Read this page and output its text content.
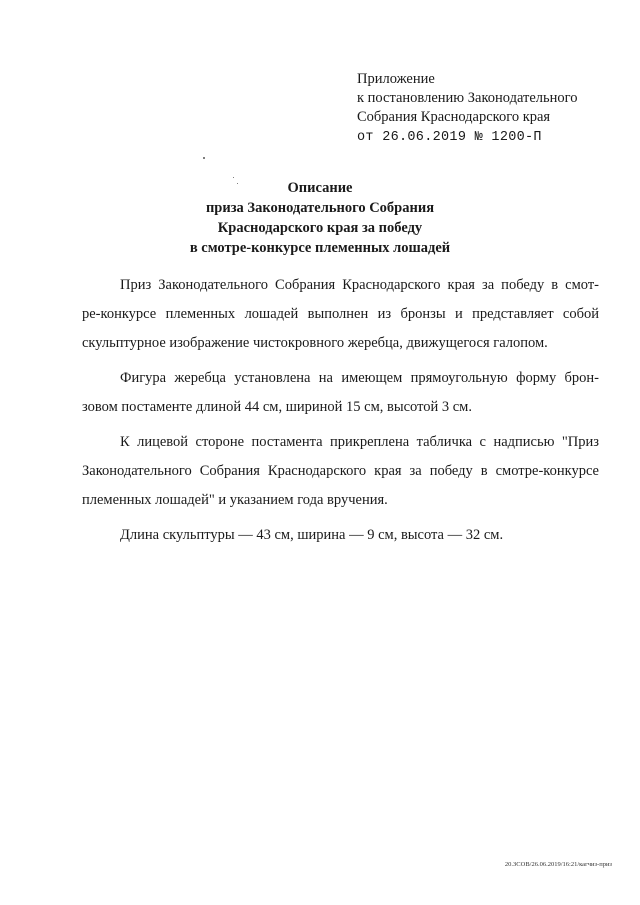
Приложение
к постановлению Законодательного
Собрания Краснодарского края
от 26.06.2019 № 1200-П
Описание
приза Законодательного Собрания
Краснодарского края за победу
в смотре-конкурсе племенных лошадей

Приз Законодательного Собрания Краснодарского края за победу в смот-
ре-конкурсе племенных лошадей выполнен из бронзы и представляет собой
скульптурное изображение чистокровного жеребца, движущегося галопом.

Фигура жеребца установлена на имеющем прямоугольную форму брон-
зовом постаменте длиной 44 см, шириной 15 см, высотой 3 см.

К лицевой стороне постамента прикреплена табличка с надписью "Приз
Законодательного Собрания Краснодарского края за победу в смотре-конкурсе
племенных лошадей" и указанием года вручения.

Длина скульптуры — 43 см, ширина — 9 см, высота — 32 см.

20.ЗСОВ/26.06.2019/16:21/кагчиз-приз
